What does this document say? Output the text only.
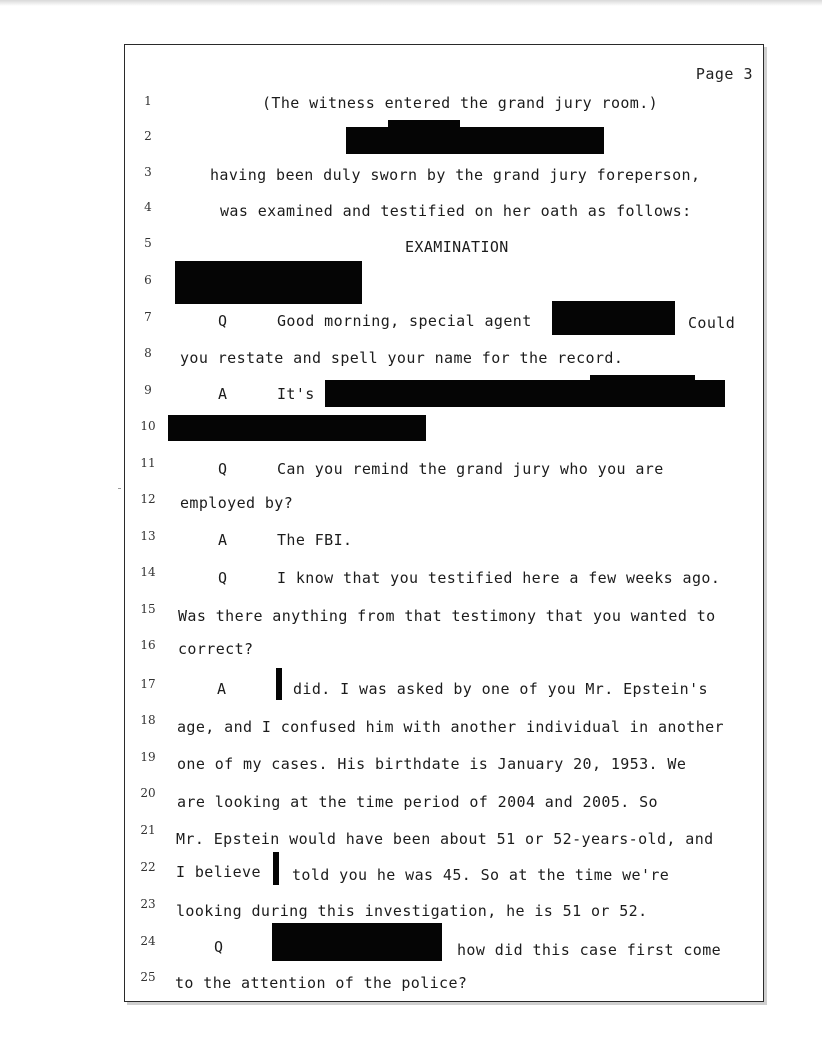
Page 3
1
2
3
4
5
6
7
8
9
10
11
12
13
14
15
16
17
18
19
20
21
22
23
24
25
(The witness entered the grand jury room.)
having been duly sworn by the grand jury foreperson,
was examined and testified on her oath as follows:
EXAMINATION
Q	Good morning, special agent	Could
you restate and spell your name for the record.
A	It's
Q	Can you remind the grand jury who you are
employed by?
A	The FBI.
Q	I know that you testified here a few weeks ago.
Was there anything from that testimony that you wanted to
correct?
A	did. I was asked by one of you Mr. Epstein's
age, and I confused him with another individual in another
one of my cases. His birthdate is January 20, 1953. We
are looking at the time period of 2004 and 2005. So
Mr. Epstein would have been about 51 or 52-years-old, and
I believe told you he was 45. So at the time we're
looking during this investigation, he is 51 or 52.
Q	how did this case first come
to the attention of the police?
